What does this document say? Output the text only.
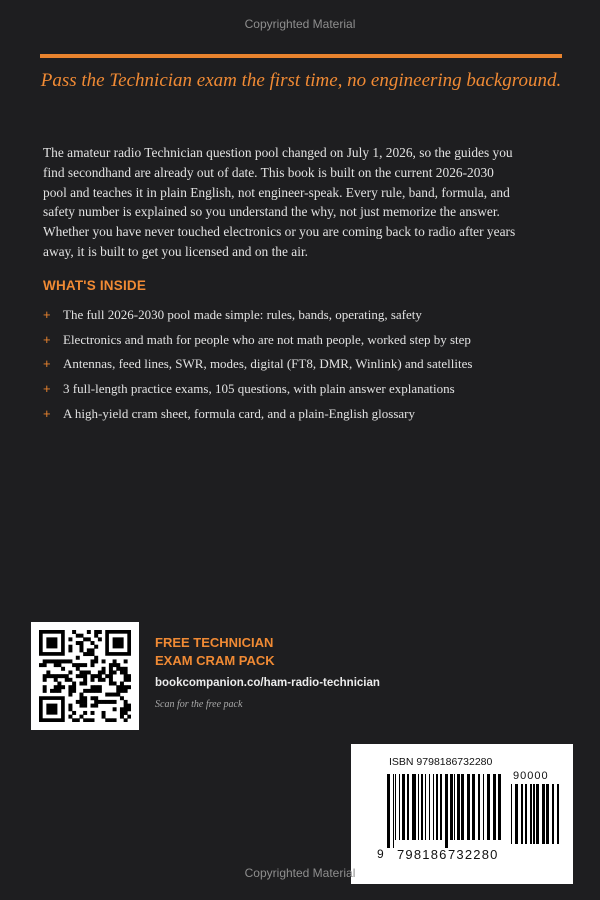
Copyrighted Material
Pass the Technician exam the first time, no engineering background.
The amateur radio Technician question pool changed on July 1, 2026, so the guides you
find secondhand are already out of date. This book is built on the current 2026-2030
pool and teaches it in plain English, not engineer-speak. Every rule, band, formula, and
safety number is explained so you understand the why, not just memorize the answer.
Whether you have never touched electronics or you are coming back to radio after years
away, it is built to get you licensed and on the air.
WHAT'S INSIDE
+ The full 2026-2030 pool made simple: rules, bands, operating, safety
+ Electronics and math for people who are not math people, worked step by step
+ Antennas, feed lines, SWR, modes, digital (FT8, DMR, Winlink) and satellites
+ 3 full-length practice exams, 105 questions, with plain answer explanations
+ A high-yield cram sheet, formula card, and a plain-English glossary
FREE TECHNICIAN
EXAM CRAM PACK
bookcompanion.co/ham-radio-technician
Scan for the free pack
ISBN 9798186732280
90000
9 798186 732280
Copyrighted Material
